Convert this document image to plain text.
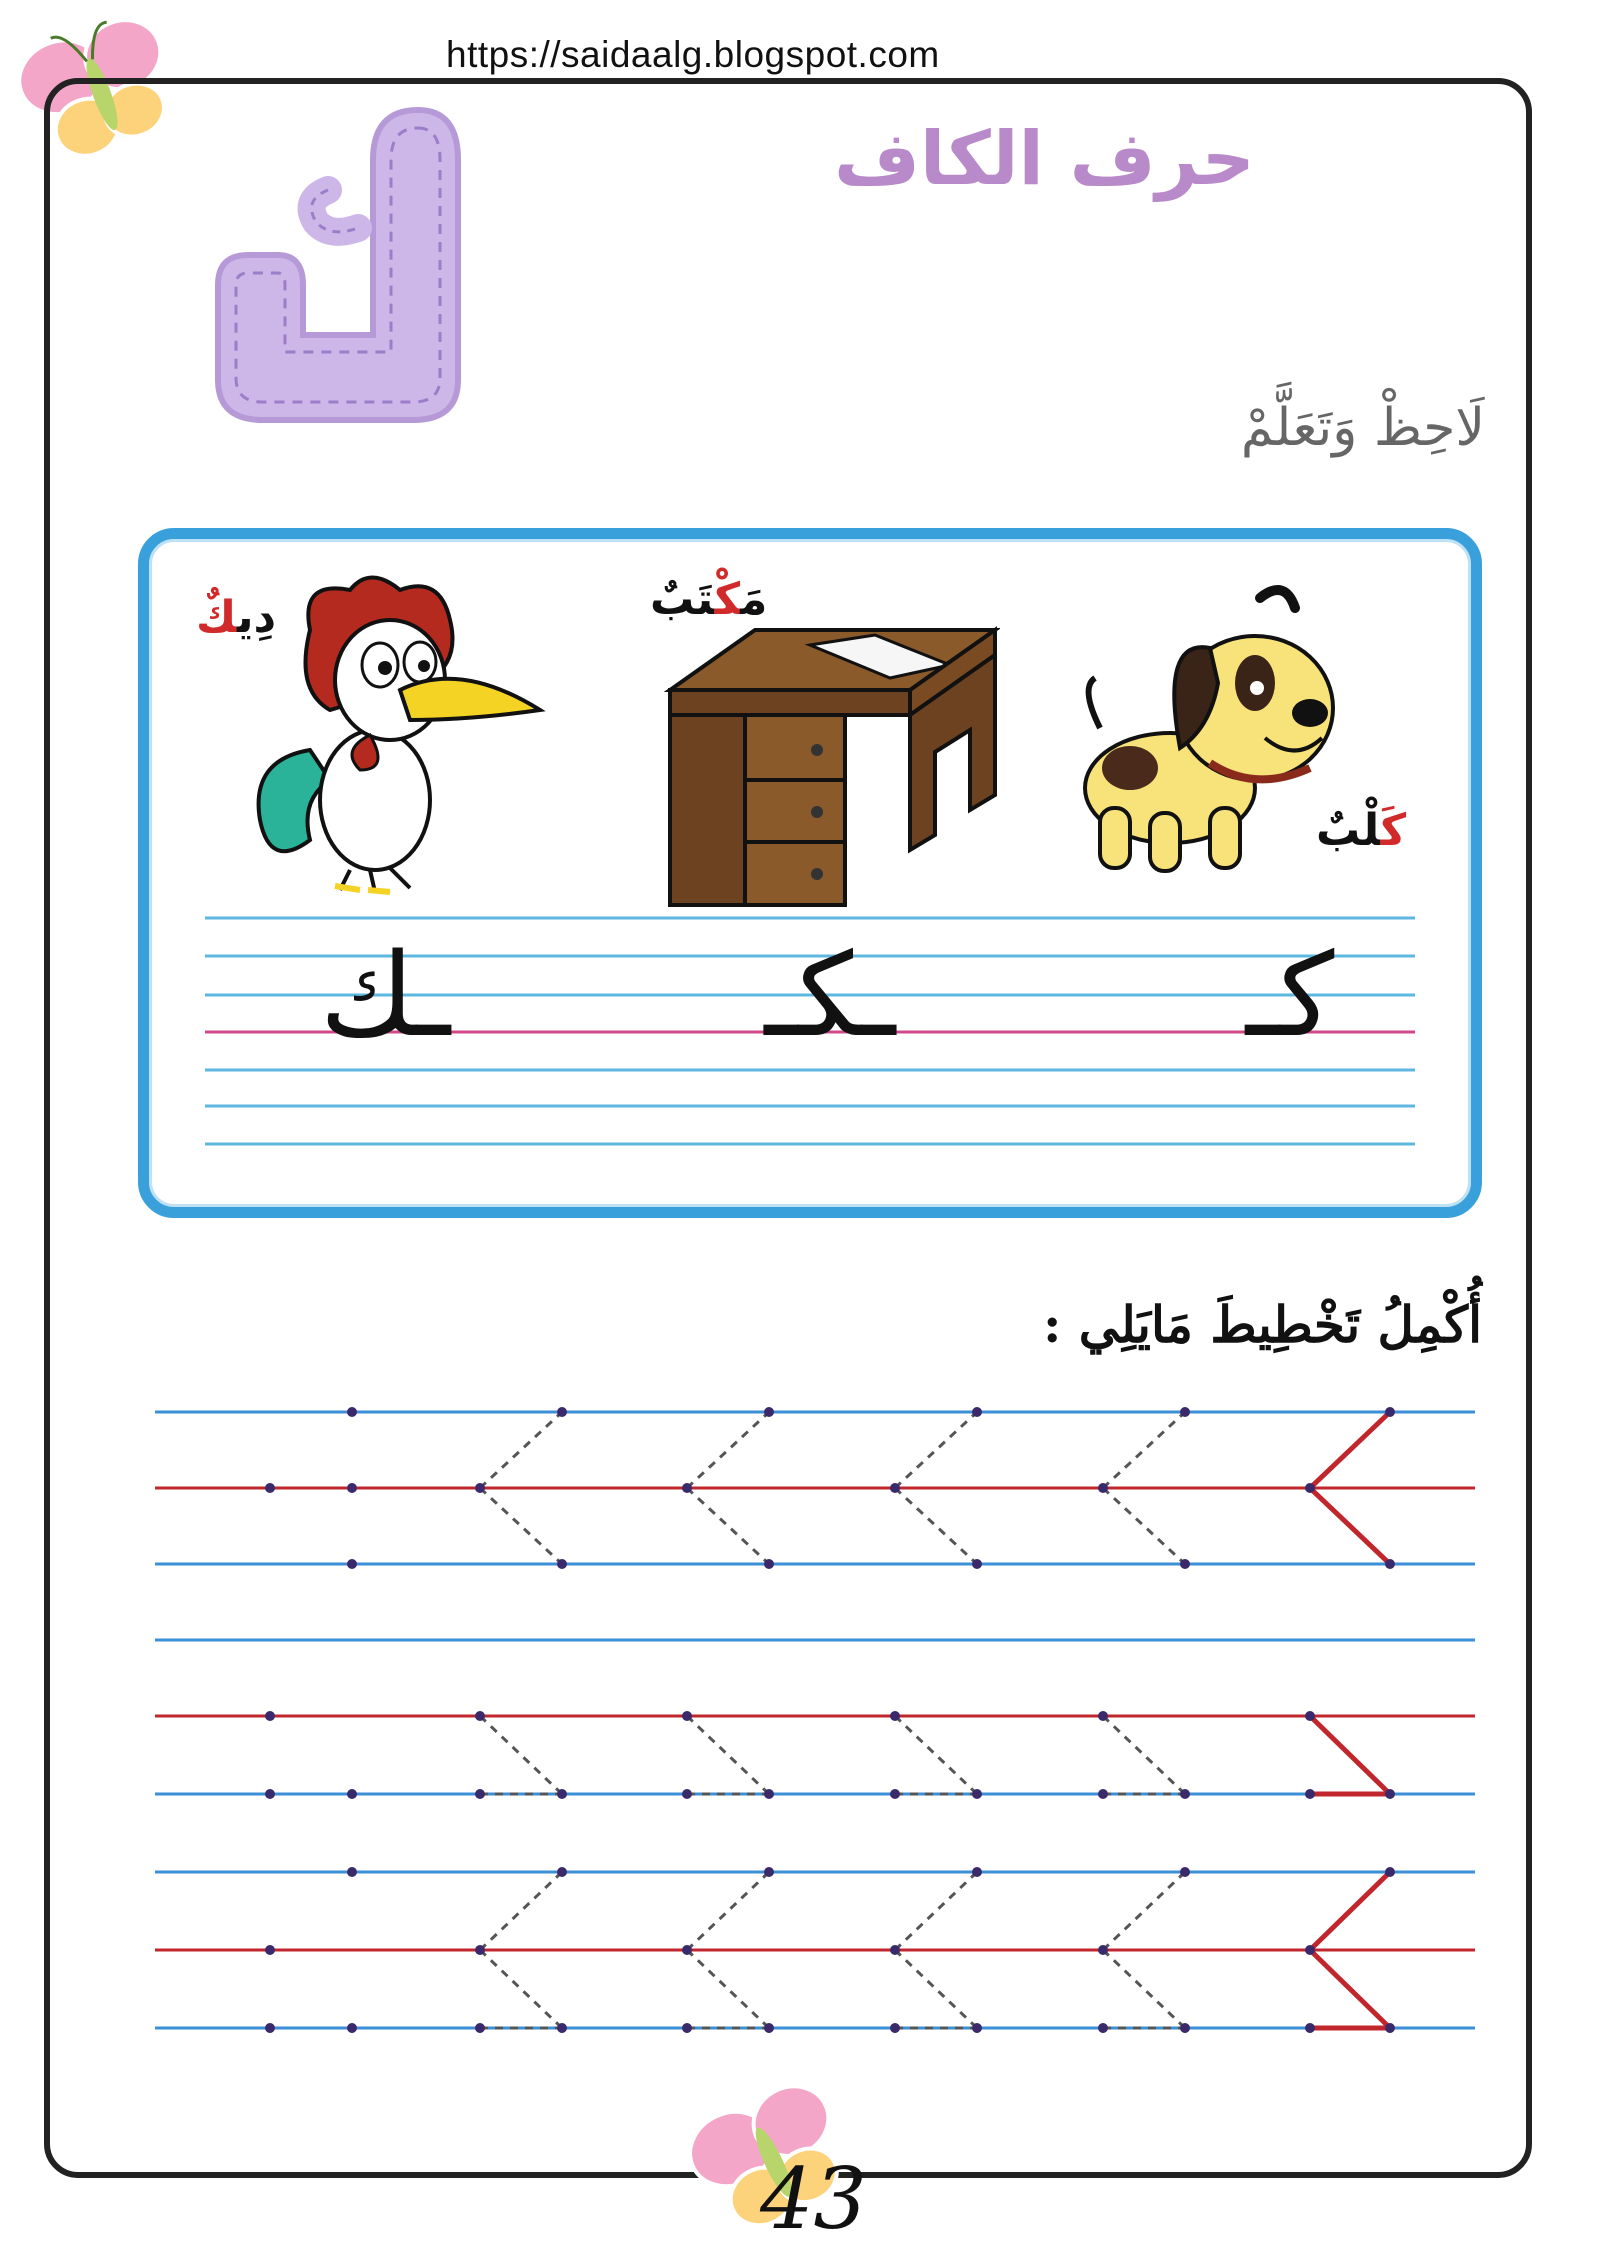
https://saidaalg.blogspot.com
حرف الكاف
لَاحِظْ وَتَعَلَّمْ
دِيكٌ	مَكْتَبٌ
كَلْبٌ
كـ
ـكـ
ـك
أُكْمِلُ تَخْطِيطَ مَايَلِي :
43
